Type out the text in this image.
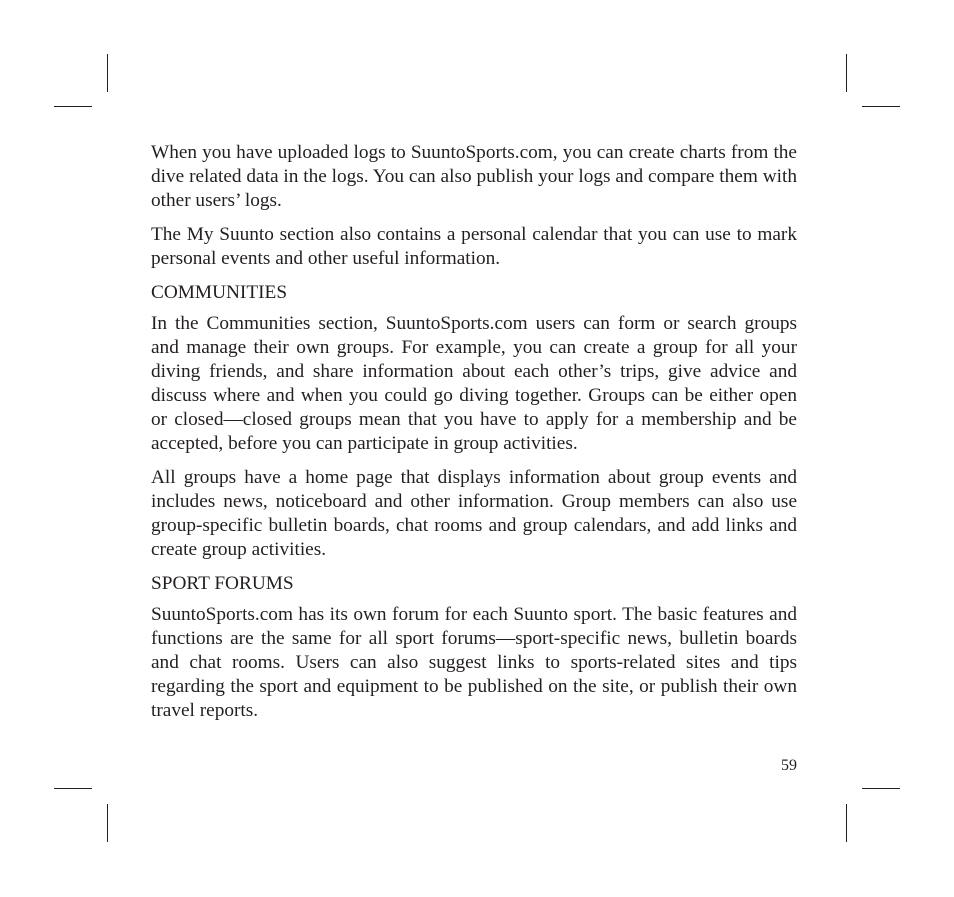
When you have uploaded logs to SuuntoSports.com, you can create charts from the dive related data in the logs. You can also publish your logs and compare them with other users’ logs.

The My Suunto section also contains a personal calendar that you can use to mark personal events and other useful information.

COMMUNITIES

In the Communities section, SuuntoSports.com users can form or search groups and manage their own groups. For example, you can create a group for all your diving friends, and share information about each other’s trips, give advice and discuss where and when you could go diving together. Groups can be either open or closed—closed groups mean that you have to apply for a membership and be accepted, before you can participate in group activities.

All groups have a home page that displays information about group events and includes news, noticeboard and other information. Group members can also use group-specific bulletin boards, chat rooms and group calendars, and add links and create group activities.

SPORT FORUMS

SuuntoSports.com has its own forum for each Suunto sport. The basic features and functions are the same for all sport forums—sport-specific news, bulletin boards and chat rooms. Users can also suggest links to sports-related sites and tips regarding the sport and equipment to be published on the site, or publish their own travel reports.

59
